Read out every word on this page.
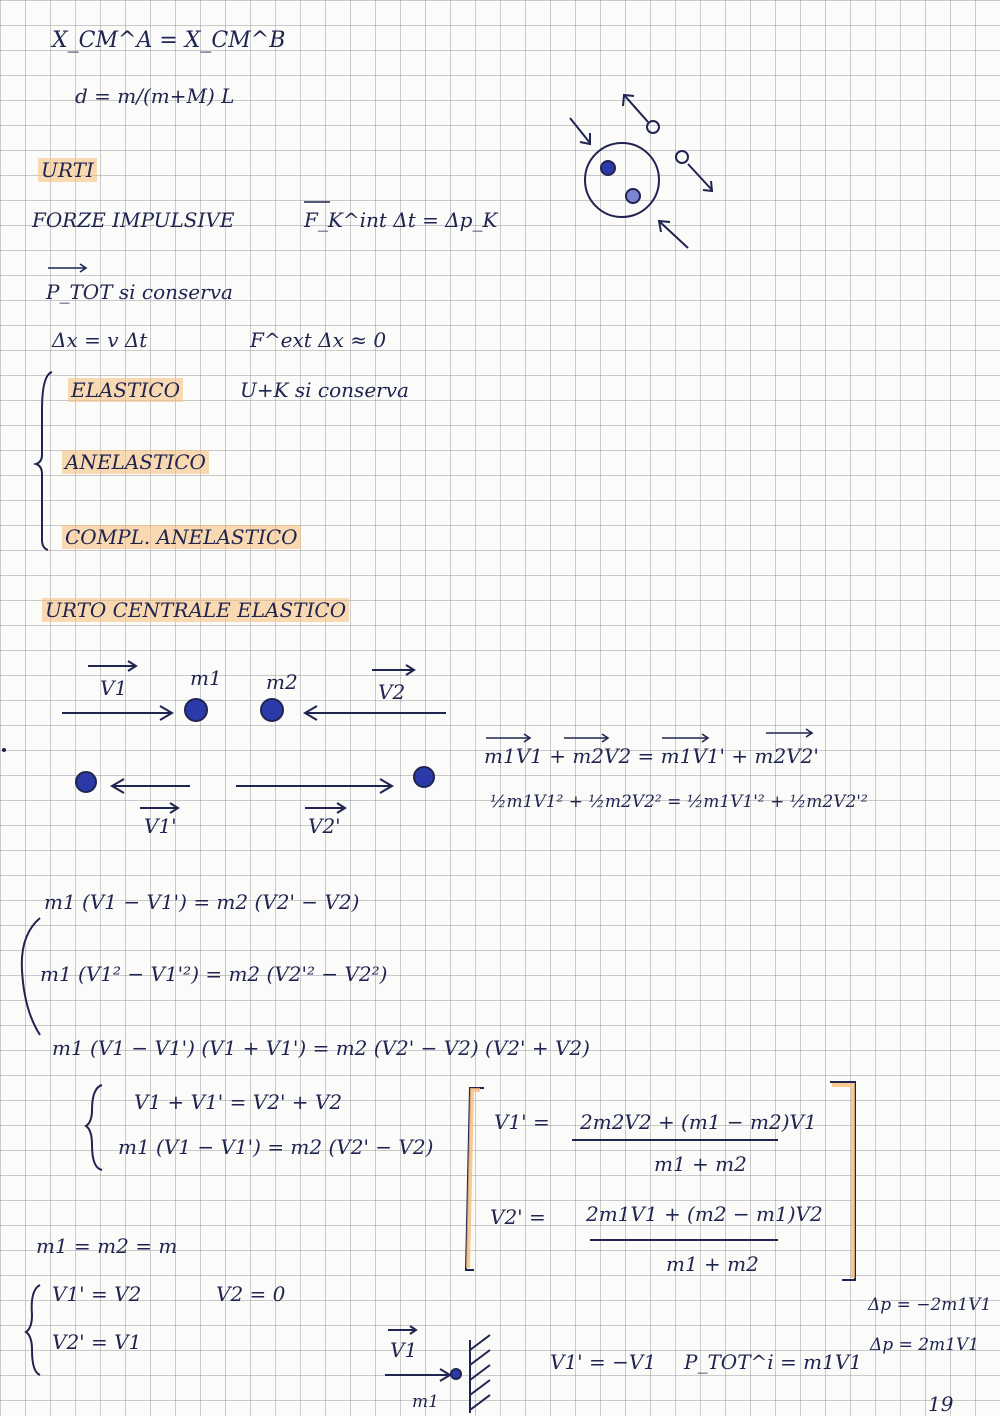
X_CM^A = X_CM^B
d = m/(m+M) L
URTI
FORZE IMPULSIVE	F_K^int Δt = Δp_K
P_TOT si conserva
Δx = v Δt	F^ext Δx ≈ 0
ELASTICO	U+K si conserva
ANELASTICO
COMPL. ANELASTICO
URTO CENTRALE ELASTICO
V1	m1 m2	V2
V1'	V2'
m1V1 + m2V2 = m1V1' + m2V2'
½m1V1² + ½m2V2² = ½m1V1'² + ½m2V2'²
m1 (V1 − V1') = m2 (V2' − V2)
m1 (V1² − V1'²) = m2 (V2'² − V2²)
m1 (V1 − V1') (V1 + V1') = m2 (V2' − V2) (V2' + V2)
V1 + V1' = V2' + V2
m1 (V1 − V1') = m2 (V2' − V2)
V1' = 2m2V2 + (m1 − m2)V1
m1 + m2
V2' = 2m1V1 + (m2 − m1)V2
m1 + m2
m1 = m2 = m
V1' = V2	V2 = 0
V2' = V1
Δp = −2m1V1
Δp = 2m1V1
V1
m1
V1' = −V1 P_TOT^i = m1V1
19
